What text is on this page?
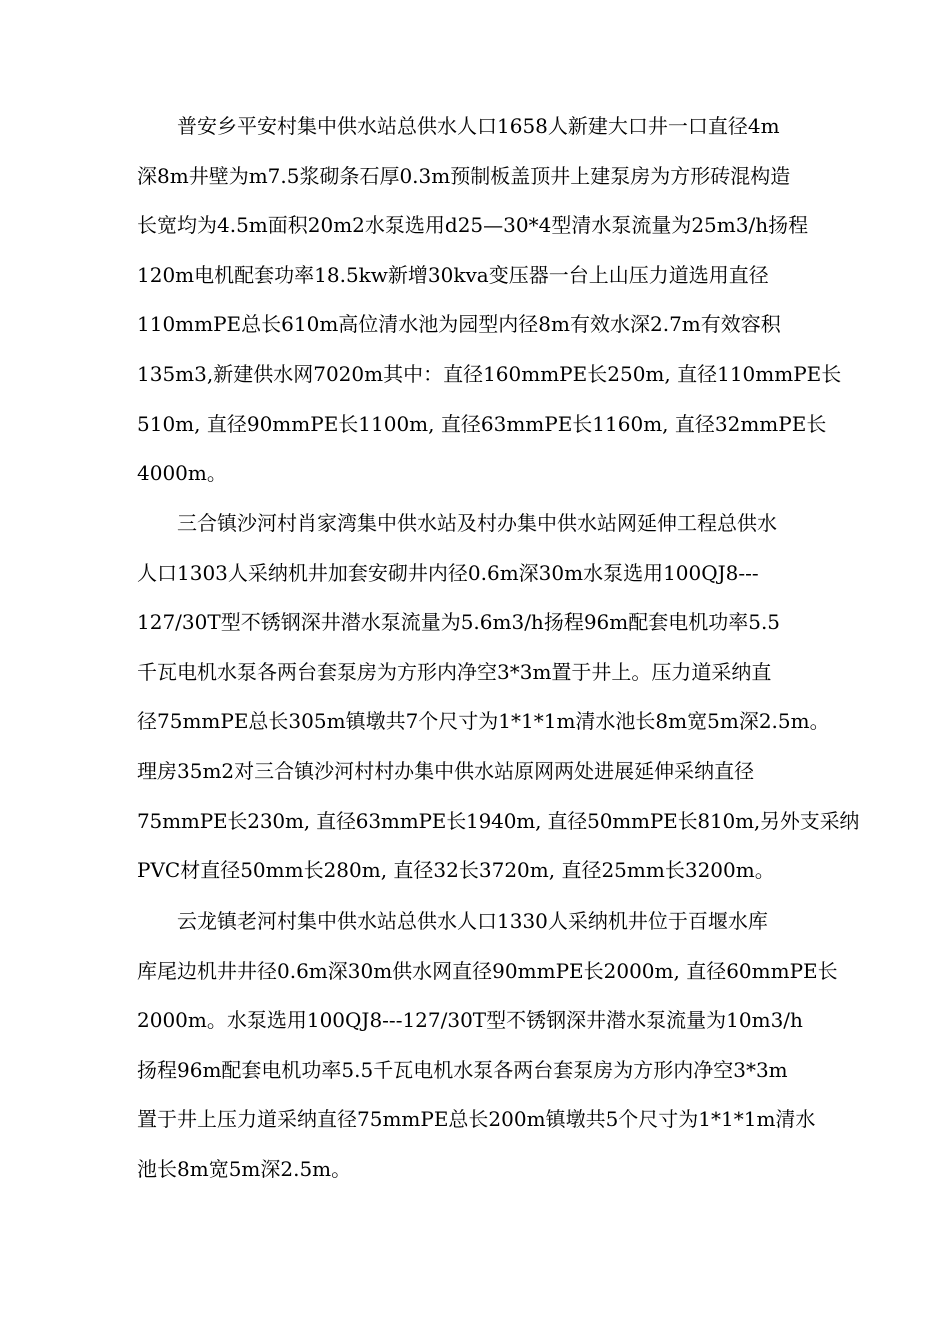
普安乡平安村集中供水站总供水人口1658人新建大口井一口直径4m
深8m井壁为m7.5浆砌条石厚0.3m预制板盖顶井上建泵房为方形砖混构造
长宽均为4.5m面积20m2水泵选用d25—30*4型清水泵流量为25m3/h扬程
120m电机配套功率18.5kw新增30kva变压器一台上山压力道选用直径
110mmPE总长610m高位清水池为园型内径8m有效水深2.7m有效容积
135m3,新建供水网7020m其中：直径160mmPE长250m, 直径110mmPE长
510m, 直径90mmPE长1100m, 直径63mmPE长1160m, 直径32mmPE长
4000m。
三合镇沙河村肖家湾集中供水站及村办集中供水站网延伸工程总供水
人口1303人采纳机井加套安砌井内径0.6m深30m水泵选用100QJ8---
127/30T型不锈钢深井潜水泵流量为5.6m3/h扬程96m配套电机功率5.5
千瓦电机水泵各两台套泵房为方形内净空3*3m置于井上。压力道采纳直
径75mmPE总长305m镇墩共7个尺寸为1*1*1m清水池长8m宽5m深2.5m。
理房35m2对三合镇沙河村村办集中供水站原网两处进展延伸采纳直径
75mmPE长230m, 直径63mmPE长1940m, 直径50mmPE长810m,另外支采纳
PVC材直径50mm长280m, 直径32长3720m, 直径25mm长3200m。
云龙镇老河村集中供水站总供水人口1330人采纳机井位于百堰水库
库尾边机井井径0.6m深30m供水网直径90mmPE长2000m, 直径60mmPE长
2000m。水泵选用100QJ8---127/30T型不锈钢深井潜水泵流量为10m3/h
扬程96m配套电机功率5.5千瓦电机水泵各两台套泵房为方形内净空3*3m
置于井上压力道采纳直径75mmPE总长200m镇墩共5个尺寸为1*1*1m清水
池长8m宽5m深2.5m。
